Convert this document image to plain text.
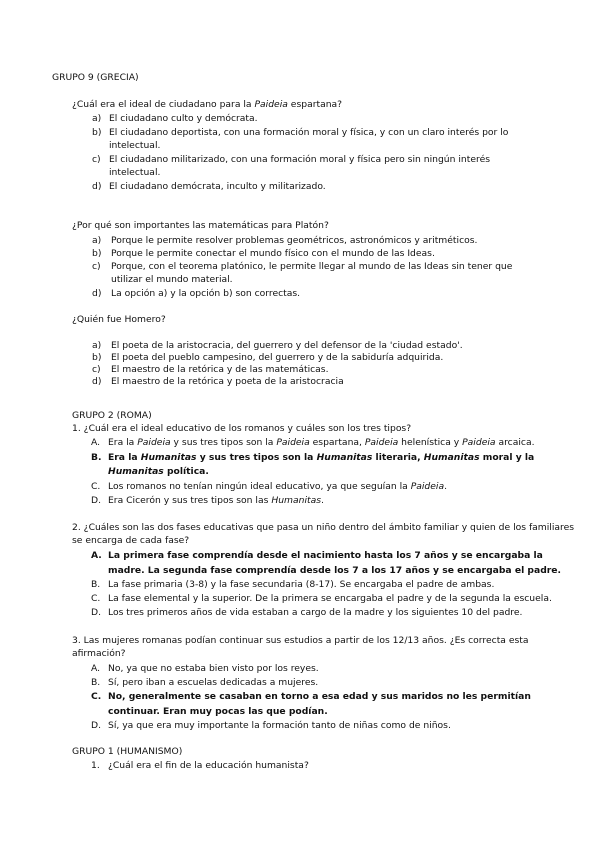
GRUPO 9 (GRECIA)
¿Cuál era el ideal de ciudadano para la Paideia espartana?
a) El ciudadano culto y demócrata.
b) El ciudadano deportista, con una formación moral y física, y con un claro interés por lo
intelectual.
c) El ciudadano militarizado, con una formación moral y física pero sin ningún interés
intelectual.
d) El ciudadano demócrata, inculto y militarizado.
¿Por qué son importantes las matemáticas para Platón?
a) Porque le permite resolver problemas geométricos, astronómicos y aritméticos.
b) Porque le permite conectar el mundo físico con el mundo de las Ideas.
c) Porque, con el teorema platónico, le permite llegar al mundo de las Ideas sin tener que
utilizar el mundo material.
d) La opción a) y la opción b) son correctas.
¿Quién fue Homero?
a) El poeta de la aristocracia, del guerrero y del defensor de la 'ciudad estado'.
b) El poeta del pueblo campesino, del guerrero y de la sabiduría adquirida.
c) El maestro de la retórica y de las matemáticas.
d) El maestro de la retórica y poeta de la aristocracia
GRUPO 2 (ROMA)
1. ¿Cuál era el ideal educativo de los romanos y cuáles son los tres tipos?
A. Era la Paideia y sus tres tipos son la Paideia espartana, Paideia helenística y Paideia arcaica.
B. Era la Humanitas y sus tres tipos son la Humanitas literaria, Humanitas moral y la
Humanitas política.
C. Los romanos no tenían ningún ideal educativo, ya que seguían la Paideia.
D. Era Cicerón y sus tres tipos son las Humanitas.
2. ¿Cuáles son las dos fases educativas que pasa un niño dentro del ámbito familiar y quien de los familiares
se encarga de cada fase?
A. La primera fase comprendía desde el nacimiento hasta los 7 años y se encargaba la
madre. La segunda fase comprendía desde los 7 a los 17 años y se encargaba el padre.
B. La fase primaria (3-8) y la fase secundaria (8-17). Se encargaba el padre de ambas.
C. La fase elemental y la superior. De la primera se encargaba el padre y de la segunda la escuela.
D. Los tres primeros años de vida estaban a cargo de la madre y los siguientes 10 del padre.
3. Las mujeres romanas podían continuar sus estudios a partir de los 12/13 años. ¿Es correcta esta
afirmación?
A. No, ya que no estaba bien visto por los reyes.
B. Sí, pero iban a escuelas dedicadas a mujeres.
C. No, generalmente se casaban en torno a esa edad y sus maridos no les permitían
continuar. Eran muy pocas las que podían.
D. Sí, ya que era muy importante la formación tanto de niñas como de niños.
GRUPO 1 (HUMANISMO)
1. ¿Cuál era el fin de la educación humanista?
